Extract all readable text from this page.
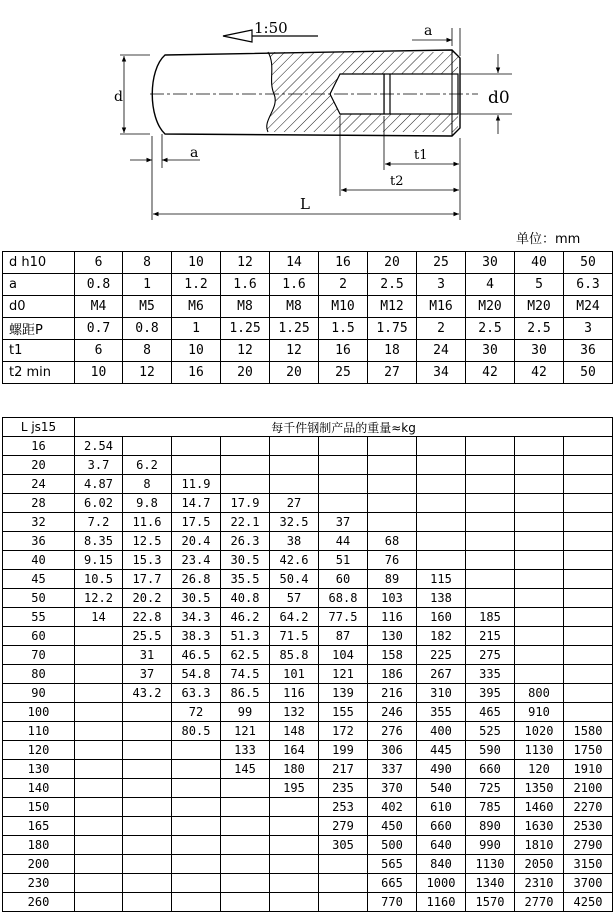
1:50	a
d	d0
a	t1
t2
L
单位：mm
d h10	6	8	10	12	14	16	20	25	30	40	50
a	0.8	1	1.2	1.6	1.6	2	2.5	3	4	5	6.3
d0	M4	M5	M6	M8	M8	M10	M12	M16	M20	M20	M24
螺距P	0.7	0.8	1	1.25	1.25	1.5	1.75	2	2.5	2.5	3
t1	6	8	10	12	12	16	18	24	30	30	36
t2 min	10	12	16	20	20	25	27	34	42	42	50
L js15	每千件钢制产品的重量≈kg										
16	2.54										
20	3.7	6.2									
24	4.87	8	11.9								
28	6.02	9.8	14.7	17.9	27						
32	7.2	11.6	17.5	22.1	32.5	37					
36	8.35	12.5	20.4	26.3	38	44	68				
40	9.15	15.3	23.4	30.5	42.6	51	76				
45	10.5	17.7	26.8	35.5	50.4	60	89	115			
50	12.2	20.2	30.5	40.8	57	68.8	103	138			
55	14	22.8	34.3	46.2	64.2	77.5	116	160	185		
60		25.5	38.3	51.3	71.5	87	130	182	215		
70		31	46.5	62.5	85.8	104	158	225	275		
80		37	54.8	74.5	101	121	186	267	335		
90		43.2	63.3	86.5	116	139	216	310	395	800	
100			72	99	132	155	246	355	465	910	
110			80.5	121	148	172	276	400	525	1020	1580
120				133	164	199	306	445	590	1130	1750
130				145	180	217	337	490	660	120	1910
140					195	235	370	540	725	1350	2100
150						253	402	610	785	1460	2270
165						279	450	660	890	1630	2530
180						305	500	640	990	1810	2790
200							565	840	1130	2050	3150
230							665	1000	1340	2310	3700
260							770	1160	1570	2770	4250
